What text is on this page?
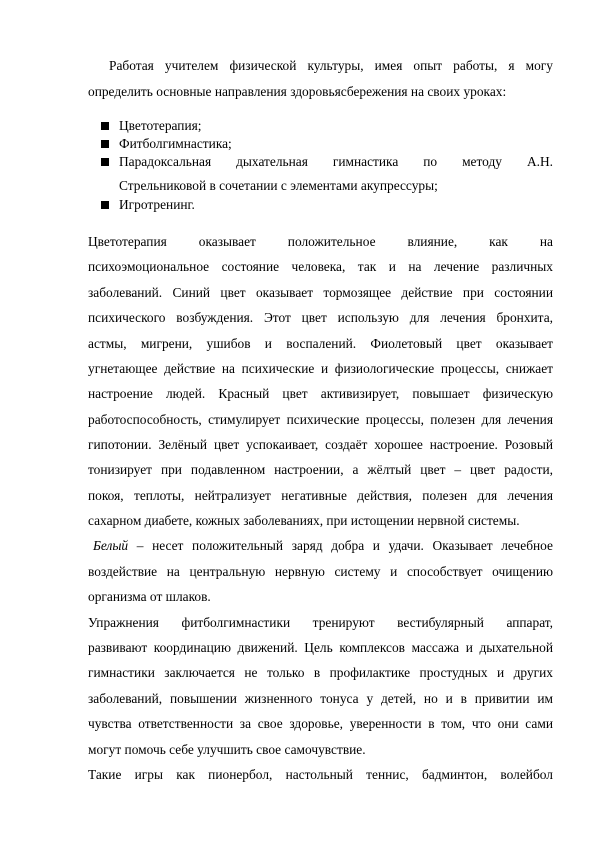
Работая учителем физической культуры, имея опыт работы, я могу
определить основные направления здоровьясбережения на своих уроках:
Цветотерапия;
Фитболгимнастика;
Парадоксальная дыхательная гимнастика по методу А.Н.
Стрельниковой в сочетании с элементами акупрессуры;
Игротренинг.
Цветотерапия оказывает положительное влияние, как на
психоэмоциональное состояние человека, так и на лечение различных
заболеваний. Синий цвет оказывает тормозящее действие при состоянии
психического возбуждения. Этот цвет использую для лечения бронхита,
астмы, мигрени, ушибов и воспалений. Фиолетовый цвет оказывает
угнетающее действие на психические и физиологические процессы, снижает
настроение людей. Красный цвет активизирует, повышает физическую
работоспособность, стимулирует психические процессы, полезен для лечения
гипотонии. Зелёный цвет успокаивает, создаёт хорошее настроение. Розовый
тонизирует при подавленном настроении, а жёлтый цвет – цвет радости,
покоя, теплоты, нейтрализует негативные действия, полезен для лечения
сахарном диабете, кожных заболеваниях, при истощении нервной системы.
Белый – несет положительный заряд добра и удачи. Оказывает лечебное
воздействие на центральную нервную систему и способствует очищению
организма от шлаков.
Упражнения фитболгимнастики тренируют вестибулярный аппарат,
развивают координацию движений. Цель комплексов массажа и дыхательной
гимнастики заключается не только в профилактике простудных и других
заболеваний, повышении жизненного тонуса у детей, но и в привитии им
чувства ответственности за свое здоровье, уверенности в том, что они сами
могут помочь себе улучшить свое самочувствие.
Такие игры как пионербол, настольный теннис, бадминтон, волейбол
